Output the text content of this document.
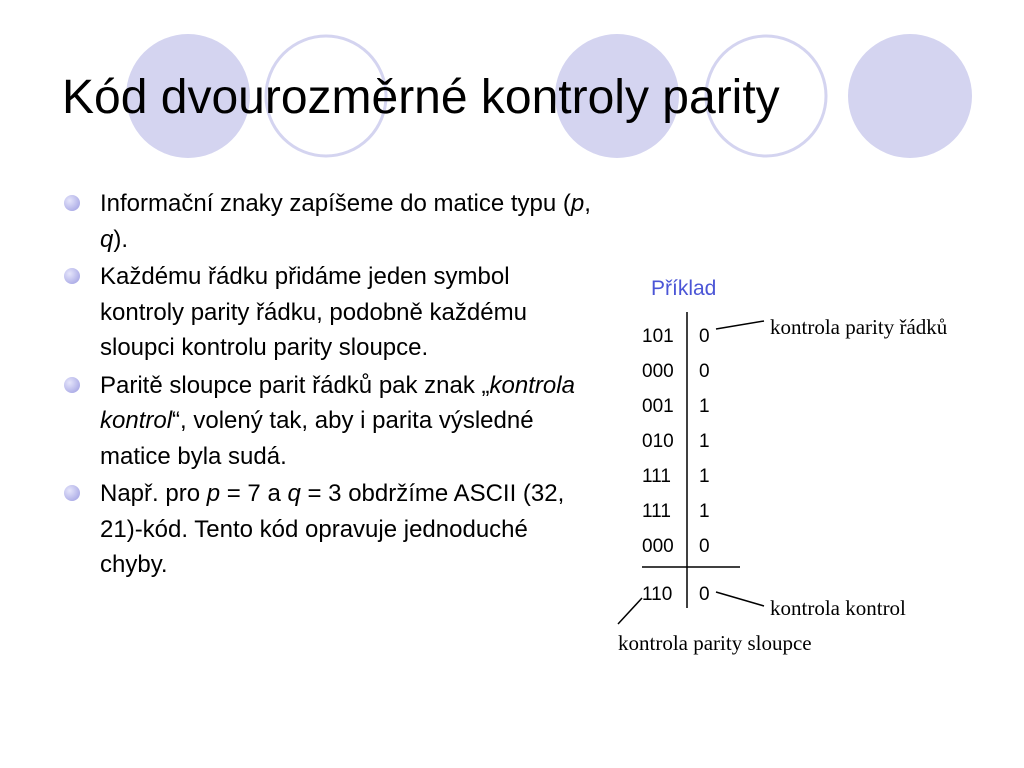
Kód dvourozměrné kontroly parity
Informační znaky zapíšeme do matice typu (p, q).
Každému řádku přidáme jeden symbol kontroly parity řádku, podobně každému sloupci kontrolu parity sloupce.
Paritě sloupce parit řádků pak znak „kontrola kontrol“, volený tak, aby i parita výsledné matice byla sudá.
Např. pro p = 7 a q = 3 obdržíme ASCII (32, 21)-kód. Tento kód opravuje jednoduché chyby.
Příklad
101	0
000	0
001	1
010	1
111	1
111	1
000	0
110	0
kontrola parity řádků
kontrola kontrol
kontrola parity sloupce
